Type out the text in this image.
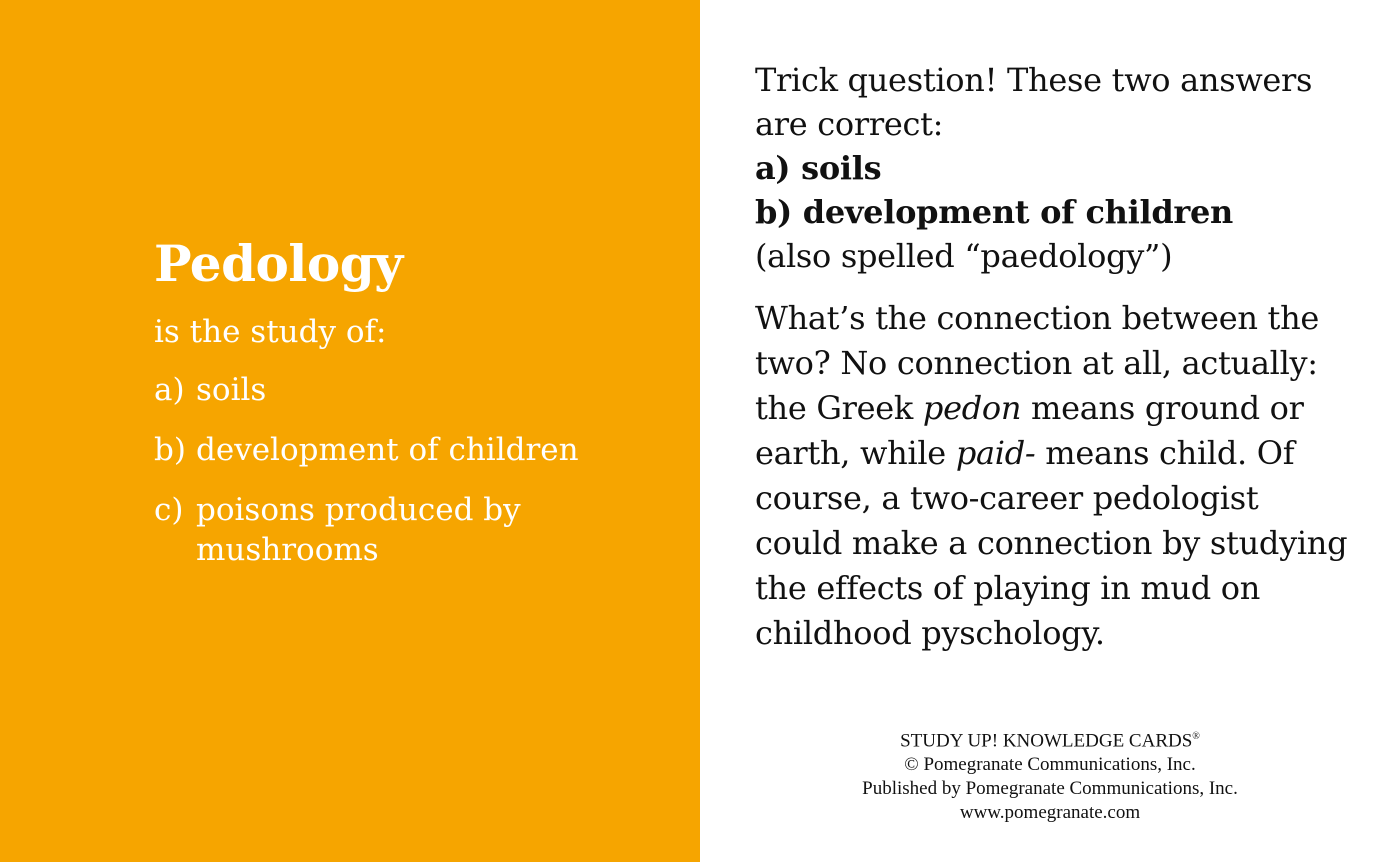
Pedology
is the study of:
a) soils
b) development of children
c) poisons produced by mushrooms

Trick question! These two answers are correct:

a) soils

b) development of children

(also spelled “paedology”)

What’s the connection between the two? No connection at all, actually: the Greek pedon means ground or earth, while paid- means child. Of course, a two-career pedologist could make a connection by studying the effects of playing in mud on childhood pyschology.

STUDY UP! KNOWLEDGE CARDS®
© Pomegranate Communications, Inc.
Published by Pomegranate Communications, Inc.
www.pomegranate.com
